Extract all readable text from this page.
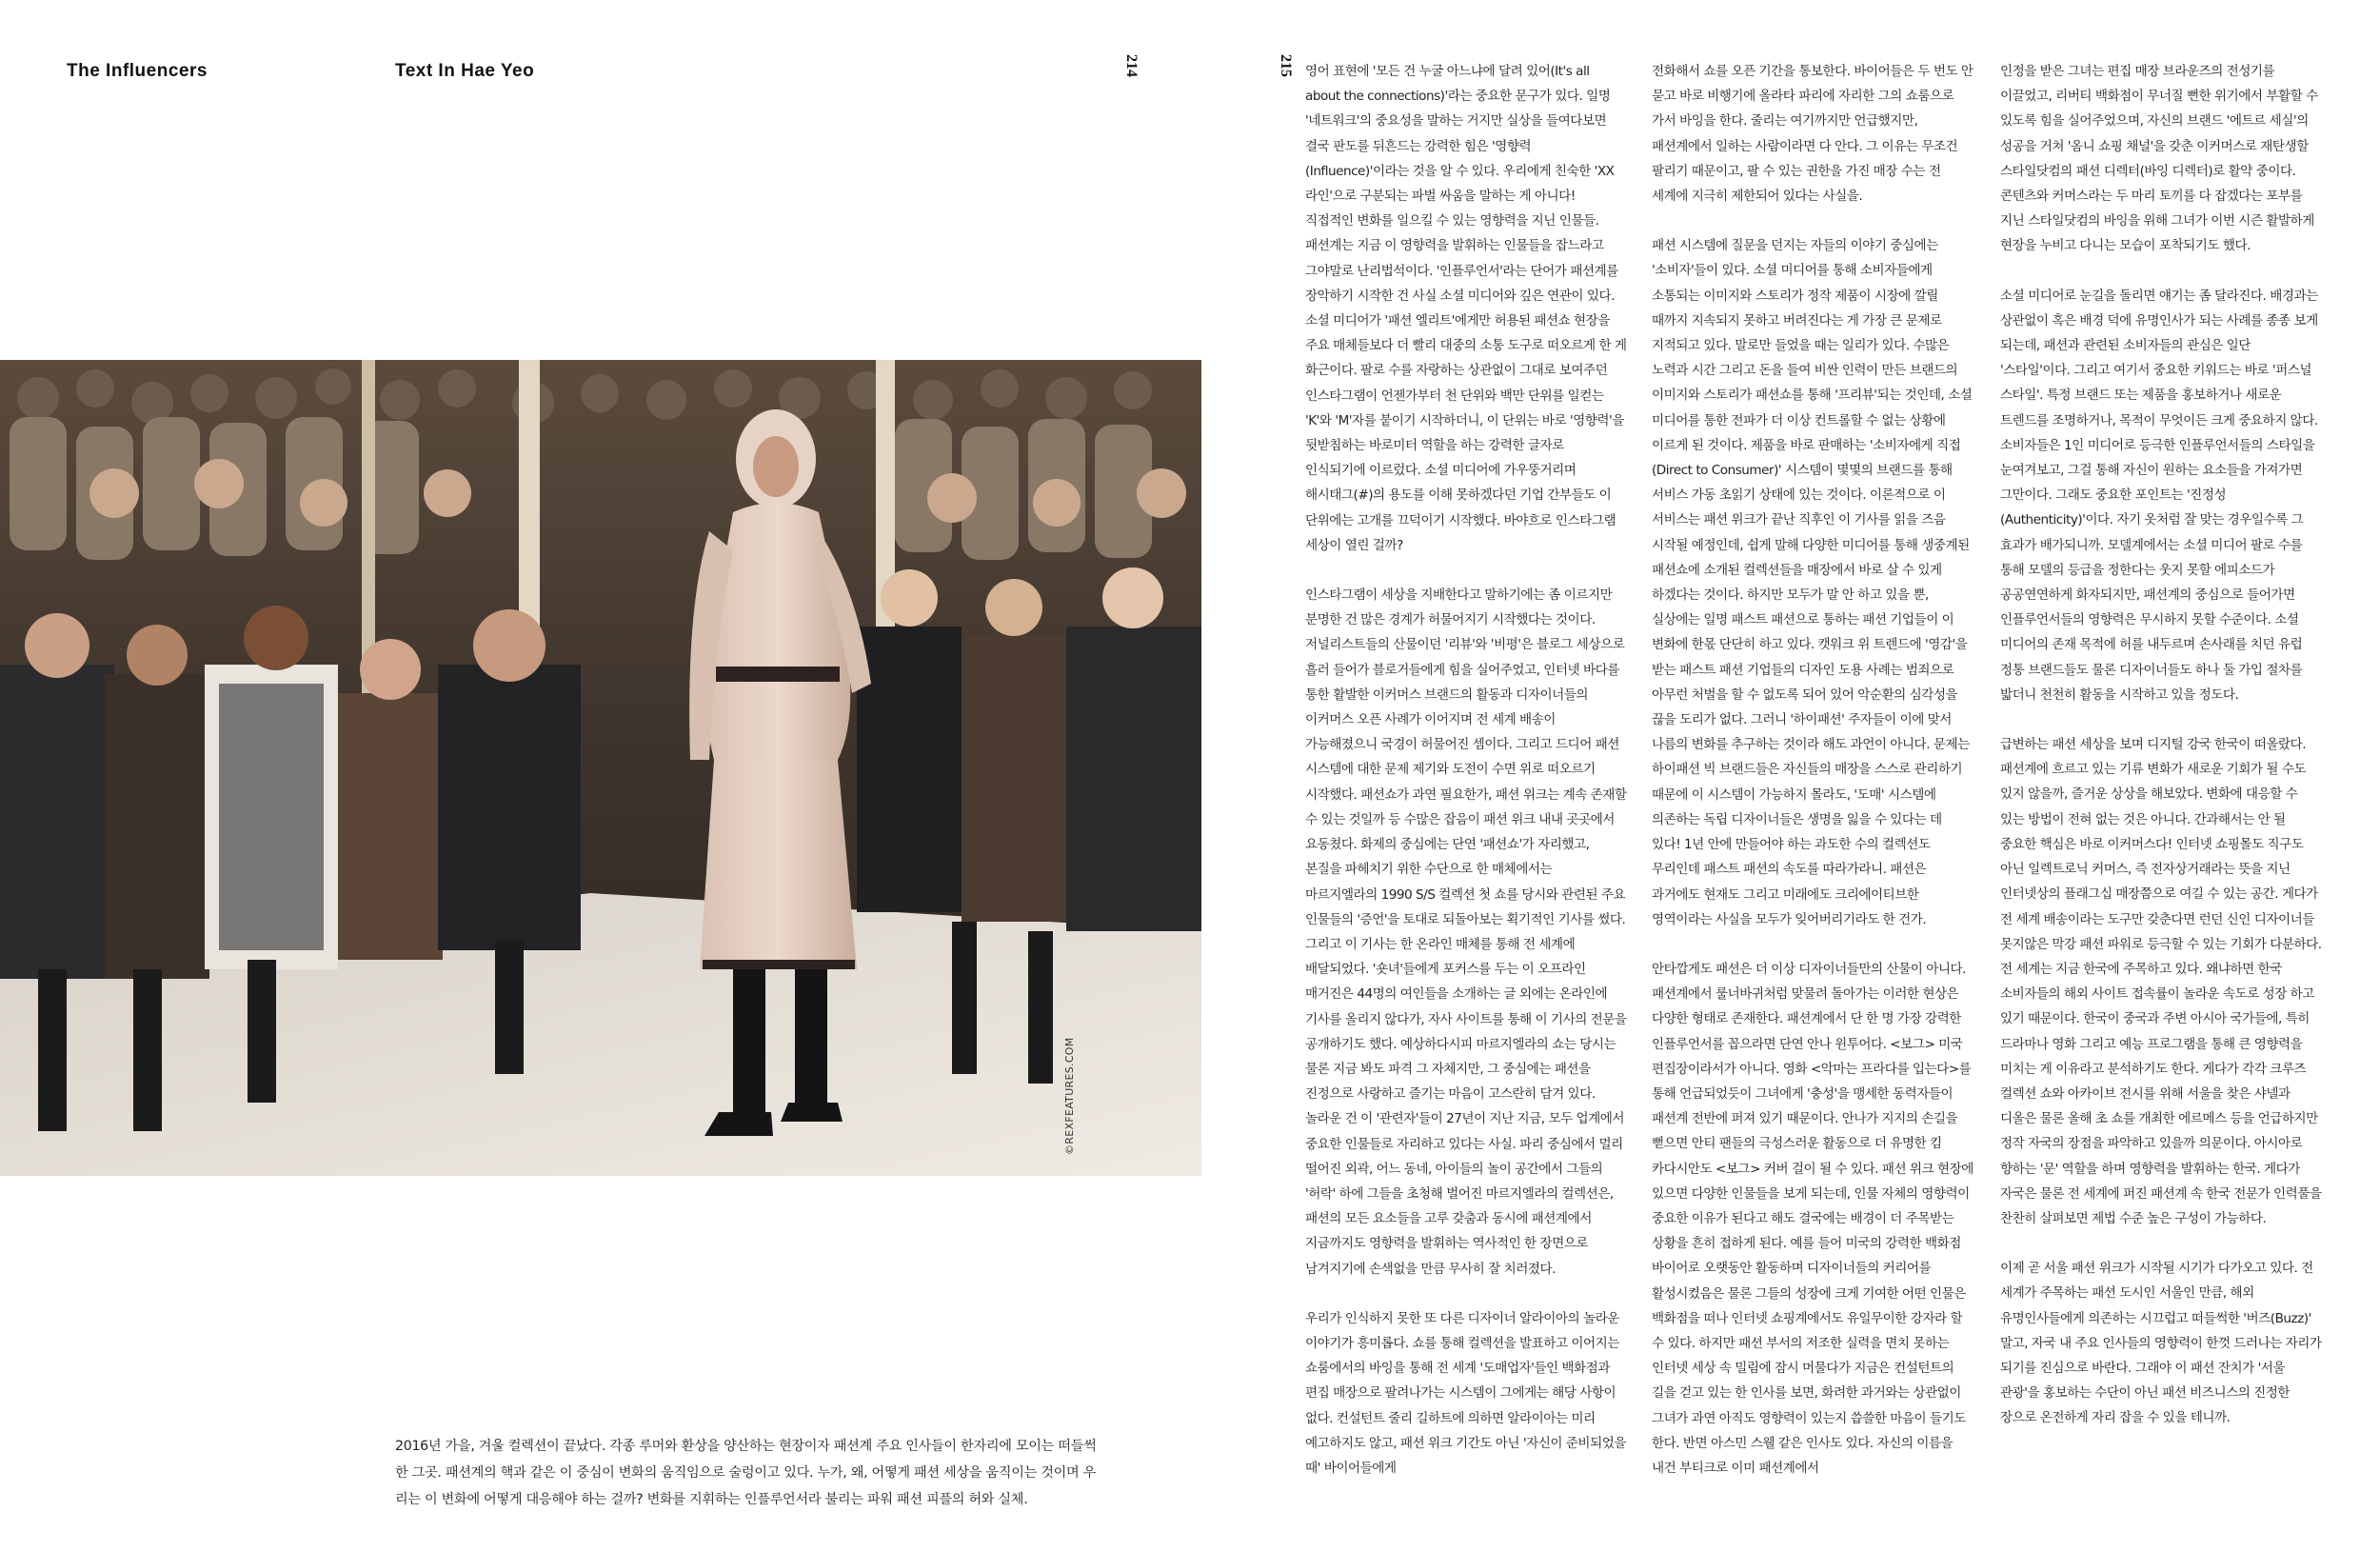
The Influencers	Text In Hae Yeo	214
©REXFEATURES.COM
2016년 가을, 겨울 컬렉션이 끝났다. 각종 루머와 환상을 양산하는 현장이자 패션계 주요 인사들이 한자리에 모이는 떠들썩한 그곳. 패션계의 핵과 같은 이 중심이 변화의 움직임으로 술렁이고 있다. 누가, 왜, 어떻게 패션 세상을 움직이는 것이며 우리는 이 변화에 어떻게 대응해야 하는 걸까? 변화를 지휘하는 인플루언서라 불리는 파워 패션 피플의 허와 실체.
215 영어 표현에 '모든 건 누굴 아느냐에 달려 있어(It's all about the connections)'라는 중요한 문구가 있다. 일명 '네트워크'의 중요성을 말하는 거지만 실상을 들여다보면 결국 판도를 뒤흔드는 강력한 힘은 '영향력(Influence)'이라는 것을 알 수 있다. 우리에게 친숙한 'XX 라인'으로 구분되는 파벌 싸움을 말하는 게 아니다! 직접적인 변화를 일으킬 수 있는 영향력을 지닌 인물들. 패션계는 지금 이 영향력을 발휘하는 인물들을 잡느라고 그야말로 난리법석이다. '인플루언서'라는 단어가 패션계를 장악하기 시작한 건 사실 소셜 미디어와 깊은 연관이 있다. 소셜 미디어가 '패션 엘리트'에게만 허용된 패션쇼 현장을 주요 매체들보다 더 빨리 대중의 소통 도구로 떠오르게 한 게 화근이다. 팔로 수를 자랑하는 상관없이 그대로 보여주던 인스타그램이 언젠가부터 천 단위와 백만 단위를 일컫는 'K'와 'M'자를 붙이기 시작하더니, 이 단위는 바로 '영향력'을 뒷받침하는 바로미터 역할을 하는 강력한 글자로 인식되기에 이르렀다. 소셜 미디어에 가우뚱거리며 해시태그(#)의 용도를 이해 못하겠다던 기업 간부들도 이 단위에는 고개를 끄덕이기 시작했다. 바야흐로 인스타그램 세상이 열린 걸까?

인스타그램이 세상을 지배한다고 말하기에는 좀 이르지만 분명한 건 많은 경계가 허물어지기 시작했다는 것이다. 저널리스트들의 산물이던 '리뷰'와 '비평'은 블로그 세상으로 흘러 들어가 블로거들에게 힘을 실어주었고, 인터넷 바다를 통한 활발한 이커머스 브랜드의 활동과 디자이너들의 이커머스 오픈 사례가 이어지며 전 세계 배송이 가능해졌으니 국경이 허물어진 셈이다. 그리고 드디어 패션 시스템에 대한 문제 제기와 도전이 수면 위로 떠오르기 시작했다. 패션쇼가 과연 필요한가, 패션 위크는 계속 존재할 수 있는 것일까 등 수많은 잡음이 패션 위크 내내 곳곳에서 요동쳤다. 화제의 중심에는 단연 '패션쇼'가 자리했고, 본질을 파헤치기 위한 수단으로 한 매체에서는 마르지엘라의 1990 S/S 컬렉션 첫 쇼를 당시와 관련된 주요 인물들의 '증언'을 토대로 되돌아보는 획기적인 기사를 썼다. 그리고 이 기사는 한 온라인 매체를 통해 전 세계에 배달되었다. '숏녀'들에게 포커스를 두는 이 오프라인 매거진은 44명의 여인들을 소개하는 글 외에는 온라인에 기사를 올리지 않다가, 자사 사이트를 통해 이 기사의 전문을 공개하기도 했다. 예상하다시피 마르지엘라의 쇼는 당시는 물론 지금 봐도 파격 그 자체지만, 그 중심에는 패션을 진정으로 사랑하고 즐기는 마음이 고스란히 담겨 있다. 놀라운 건 이 '관련자'들이 27년이 지난 지금, 모두 업계에서 중요한 인물들로 자리하고 있다는 사실. 파리 중심에서 멀리 떨어진 외곽, 어느 동네, 아이들의 놀이 공간에서 그들의 '허락' 하에 그들을 초청해 벌어진 마르지엘라의 컬렉션은, 패션의 모든 요소들을 고루 갖춤과 동시에 패션계에서 지금까지도 영향력을 발휘하는 역사적인 한 장면으로 남겨지기에 손색없을 만큼 무사히 잘 치러졌다.

우리가 인식하지 못한 또 다른 디자이너 알라이아의 놀라운 이야기가 흥미롭다. 쇼를 통해 컬렉션을 발표하고 이어지는 쇼룸에서의 바잉을 통해 전 세계 '도매업자'들인 백화점과 편집 매장으로 팔려나가는 시스템이 그에게는 해당 사항이 없다. 컨설턴트 줄리 길하트에 의하면 알라이아는 미리 예고하지도 않고, 패션 위크 기간도 아닌 '자신이 준비되었을 때' 바이어들에게

전화해서 쇼를 오픈 기간을 통보한다. 바이어들은 두 번도 안 묻고 바로 비행기에 올라타 파리에 자리한 그의 쇼룸으로 가서 바잉을 한다. 줄리는 여기까지만 언급했지만, 패션계에서 일하는 사람이라면 다 안다. 그 이유는 무조건 팔리기 때문이고, 팔 수 있는 권한을 가진 매장 수는 전 세계에 지극히 제한되어 있다는 사실을.

패션 시스템에 질문을 던지는 자들의 이야기 중심에는 '소비자'들이 있다. 소셜 미디어를 통해 소비자들에게 소통되는 이미지와 스토리가 정작 제품이 시장에 깔릴 때까지 지속되지 못하고 버려진다는 게 가장 큰 문제로 지적되고 있다. 말로만 들었을 때는 일리가 있다. 수많은 노력과 시간 그리고 돈을 들여 비싼 인력이 만든 브랜드의 이미지와 스토리가 패션쇼를 통해 '프리뷰'되는 것인데, 소셜 미디어를 통한 전파가 더 이상 컨트롤할 수 없는 상황에 이르게 된 것이다. 제품을 바로 판매하는 '소비자에게 직접(Direct to Consumer)' 시스템이 몇몇의 브랜드를 통해 서비스 가동 초읽기 상태에 있는 것이다. 이론적으로 이 서비스는 패션 위크가 끝난 직후인 이 기사를 읽을 즈음 시작될 예정인데, 쉽게 말해 다양한 미디어를 통해 생중계된 패션쇼에 소개된 컬렉션들을 매장에서 바로 살 수 있게 하겠다는 것이다. 하지만 모두가 말 안 하고 있을 뿐, 실상에는 일명 패스트 패션으로 통하는 패션 기업들이 이 변화에 한몫 단단히 하고 있다. 캣워크 위 트렌드에 '영감'을 받는 패스트 패션 기업들의 디자인 도용 사례는 범죄으로 아무런 처벌을 할 수 없도록 되어 있어 악순환의 심각성을 끊을 도리가 없다. 그러니 '하이패션' 주자들이 이에 맞서 나름의 변화를 추구하는 것이라 해도 과언이 아니다. 문제는 하이패션 빅 브랜드들은 자신들의 매장을 스스로 관리하기 때문에 이 시스템이 가능하지 몰라도, '도매' 시스템에 의존하는 독립 디자이너들은 생명을 잃을 수 있다는 데 있다! 1년 안에 만들어야 하는 과도한 수의 컬렉션도 무리인데 패스트 패션의 속도를 따라가라니. 패션은 과거에도 현재도 그리고 미래에도 크리에이티브한 영역이라는 사실을 모두가 잊어버리기라도 한 건가.

안타깝게도 패션은 더 이상 디자이너들만의 산물이 아니다. 패션계에서 룰너바귀처럼 맞물려 돌아가는 이러한 현상은 다양한 형태로 존재한다. 패션계에서 단 한 명 가장 강력한 인플루언서를 꼽으라면 단연 안나 윈투어다. <보그> 미국 편집장이라서가 아니다. 영화 <악마는 프라다를 입는다>를 통해 언급되었듯이 그녀에게 '충성'을 맹세한 동력자들이 패션계 전반에 퍼져 있기 때문이다. 안나가 지지의 손길을 뻗으면 안티 팬들의 극성스러운 활동으로 더 유명한 킴 카다시안도 <보그> 커버 걸이 될 수 있다. 패션 위크 현장에 있으면 다양한 인물들을 보게 되는데, 인물 자체의 영향력이 중요한 이유가 된다고 해도 결국에는 배경이 더 주목받는 상황을 흔히 접하게 된다. 예를 들어 미국의 강력한 백화점 바이어로 오랫동안 활동하며 디자이너들의 커리어를 활성시켰음은 물론 그들의 성장에 크게 기여한 어떤 인물은 백화점을 떠나 인터넷 쇼핑계에서도 유일무이한 강자라 할 수 있다. 하지만 패션 부서의 저조한 실력을 면치 못하는 인터넷 세상 속 밀림에 잠시 머물다가 지금은 컨설턴트의 길을 걷고 있는 한 인사를 보면, 화려한 과거와는 상관없이 그녀가 과연 아직도 영향력이 있는지 씁쓸한 마음이 들기도 한다. 반면 아스민 스웰 같은 인사도 있다. 자신의 이름을 내건 부티크로 이미 패션계에서

인정을 받은 그녀는 편집 매장 브라운즈의 전성기를 이끌었고, 리버티 백화점이 무너질 뻔한 위기에서 부활할 수 있도록 힘을 실어주었으며, 자신의 브랜드 '에트르 세실'의 성공을 거쳐 '옴니 쇼핑 채널'을 갖춘 이커머스로 재탄생할 스타일닷컴의 패션 디렉터(바잉 디렉터)로 활약 중이다. 콘텐츠와 커머스라는 두 마리 토끼를 다 잡겠다는 포부를 지닌 스타일닷컴의 바잉을 위해 그녀가 이번 시즌 활발하게 현장을 누비고 다니는 모습이 포착되기도 했다.

소셜 미디어로 눈길을 돌리면 얘기는 좀 달라진다. 배경과는 상관없이 혹은 배경 덕에 유명인사가 되는 사례를 종종 보게 되는데, 패션과 관련된 소비자들의 관심은 일단 '스타일'이다. 그리고 여기서 중요한 키워드는 바로 '퍼스널 스타일'. 특정 브랜드 또는 제품을 홍보하거나 새로운 트렌드를 조명하거나, 목적이 무엇이든 크게 중요하지 않다. 소비자들은 1인 미디어로 등극한 인플루언서들의 스타일을 눈여겨보고, 그걸 통해 자신이 원하는 요소들을 가져가면 그만이다. 그래도 중요한 포인트는 '진정성(Authenticity)'이다. 자기 옷처럼 잘 맞는 경우일수록 그 효과가 배가되니까. 모델계에서는 소셜 미디어 팔로 수를 통해 모델의 등급을 정한다는 웃지 못할 에피소드가 공공연연하게 화자되지만, 패션계의 중심으로 들어가면 인플루언서들의 영향력은 무시하지 못할 수준이다. 소셜 미디어의 존재 목적에 허를 내두르며 손사래를 치던 유럽 정통 브랜드들도 물론 디자이너들도 하나 둘 가입 절차를 밟더니 천천히 활동을 시작하고 있을 정도다.

급변하는 패션 세상을 보며 디지털 강국 한국이 떠올랐다. 패션계에 흐르고 있는 기류 변화가 새로운 기회가 될 수도 있지 않을까, 즐거운 상상을 해보았다. 변화에 대응할 수 있는 방법이 전혀 없는 것은 아니다. 간과해서는 안 될 중요한 핵심은 바로 이커머스다! 인터넷 쇼핑몰도 직구도 아닌 일렉트로닉 커머스, 즉 전자상거래라는 뜻을 지닌 인터넷상의 플래그십 매장쯤으로 여길 수 있는 공간. 게다가 전 세계 배송이라는 도구만 갖춘다면 런던 신인 디자이너들 못지않은 막강 패션 파워로 등극할 수 있는 기회가 다분하다. 전 세계는 지금 한국에 주목하고 있다. 왜냐하면 한국 소비자들의 해외 사이트 접속률이 놀라운 속도로 성장 하고 있기 때문이다. 한국이 중국과 주변 아시아 국가들에, 특히 드라마나 영화 그리고 예능 프로그램을 통해 큰 영향력을 미치는 게 이유라고 분석하기도 한다. 게다가 각각 크루즈 컬렉션 쇼와 아카이브 전시를 위해 서울을 찾은 샤넬과 디올은 물론 올해 초 쇼를 개최한 에르메스 등을 언급하지만 정작 자국의 장점을 파악하고 있을까 의문이다. 아시아로 향하는 '문' 역할을 하며 영향력을 발휘하는 한국. 게다가 자국은 물론 전 세계에 퍼진 패션계 속 한국 전문가 인력풀을 찬찬히 살펴보면 제법 수준 높은 구성이 가능하다.

이제 곧 서울 패션 위크가 시작될 시기가 다가오고 있다. 전 세계가 주목하는 패션 도시인 서울인 만큼, 해외 유명인사들에게 의존하는 시끄럽고 떠들썩한 '버즈(Buzz)' 말고, 자국 내 주요 인사들의 영향력이 한껏 드러나는 자리가 되기를 진심으로 바란다. 그래야 이 패션 잔치가 '서울 관광'을 홍보하는 수단이 아닌 패션 비즈니스의 진정한 장으로 온전하게 자리 잡을 수 있을 테니까.
